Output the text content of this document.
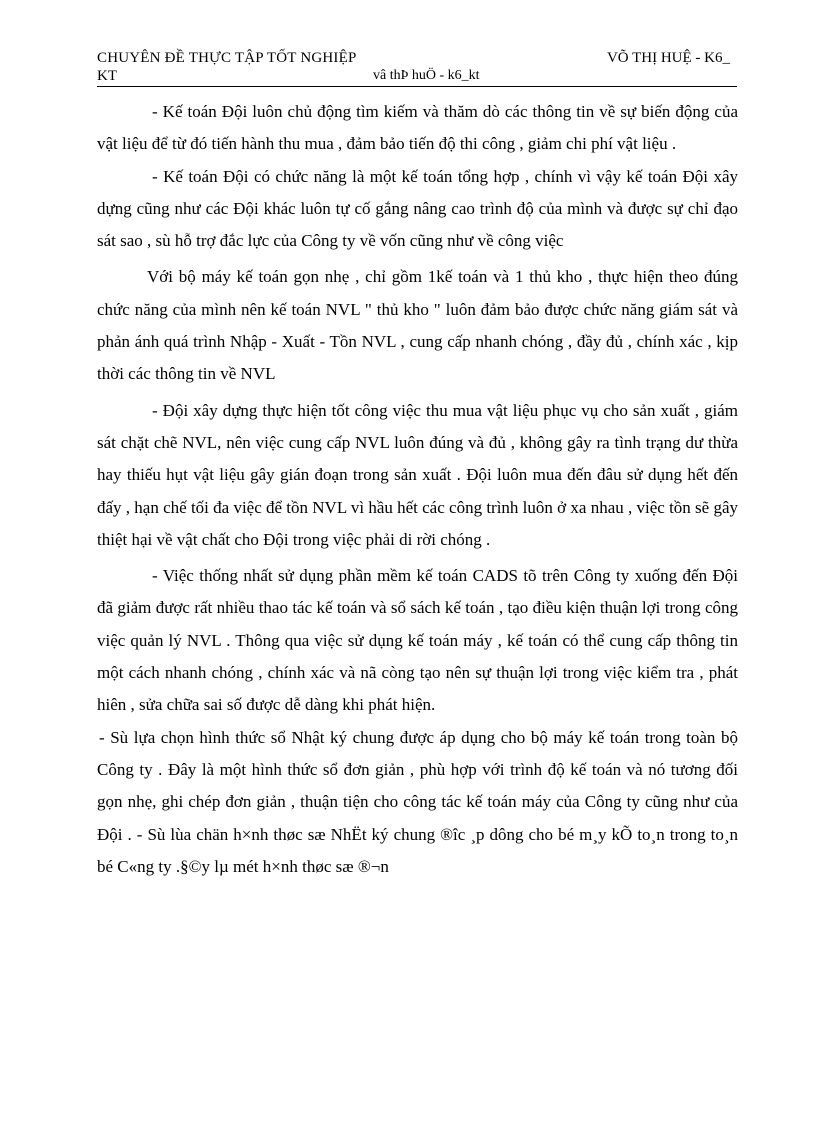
CHUYÊN ĐỀ THỰC TẬP TỐT NGHIỆP	VÕ THỊ HUỆ - K6_
KT	vâ thÞ huÖ - k6_kt

- Kế toán Đội luôn chủ động tìm kiếm và thăm dò các thông tin về sự biến động của vật liệu để từ đó tiến hành thu mua , đảm bảo tiến độ thi công , giảm chi phí vật liệu .

- Kế toán Đội có chức năng là một kế toán tổng hợp , chính vì vậy kế toán Đội xây dựng cũng như các Đội khác luôn tự cố gắng nâng cao trình độ của mình và được sự chỉ đạo sát sao , sù hỗ trợ đắc lực của Công ty về vốn cũng như về công việc

Với bộ máy kế toán gọn nhẹ , chỉ gồm 1kế toán và 1 thủ kho , thực hiện theo đúng chức năng của mình nên kế toán NVL " thủ kho " luôn đảm bảo được chức năng giám sát và phản ánh quá trình Nhập - Xuất - Tồn NVL , cung cấp nhanh chóng , đầy đủ , chính xác , kịp thời các thông tin về NVL

- Đội xây dựng thực hiện tốt công việc thu mua vật liệu phục vụ cho sản xuất , giám sát chặt chẽ NVL, nên việc cung cấp NVL luôn đúng và đủ , không gây ra tình trạng dư thừa hay thiếu hụt vật liệu gây gián đoạn trong sản xuất . Đội luôn mua đến đâu sử dụng hết đến đấy , hạn chế tối đa việc để tồn NVL vì hầu hết các công trình luôn ở xa nhau , việc tồn sẽ gây thiệt hại về vật chất cho Đội trong việc phải di rời chóng .

- Việc thống nhất sử dụng phần mềm kế toán CADS tõ trên Công ty xuống đến Đội đã giảm được rất nhiều thao tác kế toán và sổ sách kế toán , tạo điều kiện thuận lợi trong công việc quản lý NVL . Thông qua việc sử dụng kế toán máy , kế toán có thể cung cấp thông tin một cách nhanh chóng , chính xác và nã còng tạo nên sự thuận lợi trong việc kiểm tra , phát hiên , sửa chữa sai số được dễ dàng khi phát hiện.

- Sù lựa chọn hình thức sổ Nhật ký chung được áp dụng cho bộ máy kế toán trong toàn bộ Công ty . Đây là một hình thức sổ đơn giản , phù hợp với trình độ kế toán và nó tương đối gọn nhẹ, ghi chép đơn giản , thuận tiện cho công tác kế toán máy của Công ty cũng như của Đội . - Sù lùa chän h×nh thøc sæ NhËt ký chung ®îc ¸p dông cho bé m¸y kÕ to¸n trong to¸n bé C«ng ty .§©y lµ mét h×nh thøc sæ ®¬n
